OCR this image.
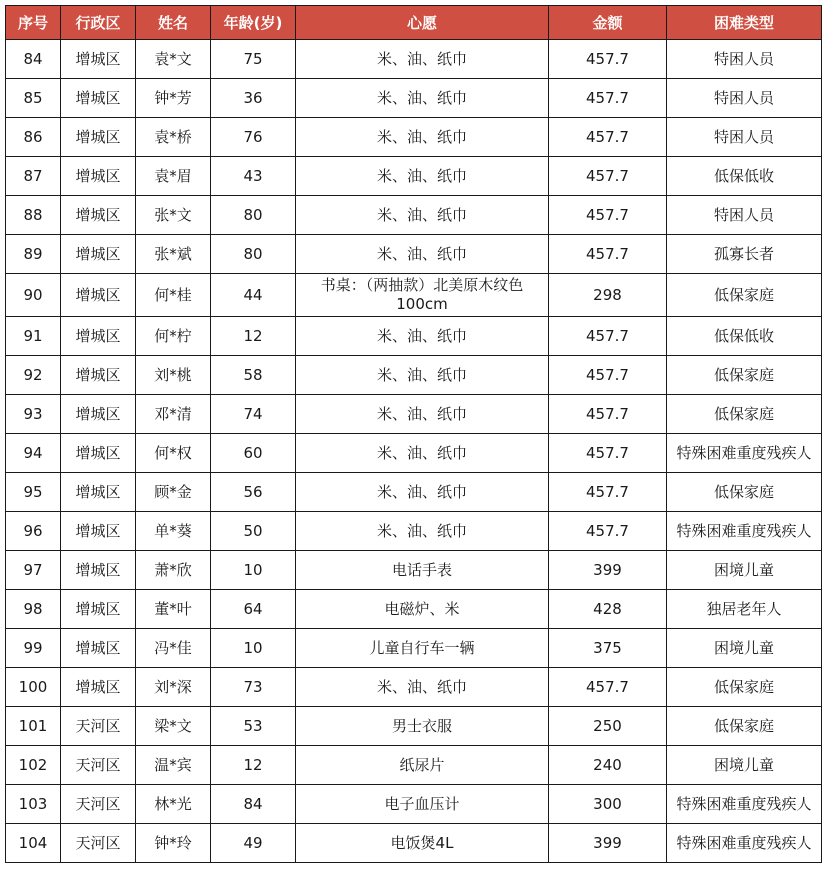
序号	行政区	姓名	年龄(岁)	心愿	金额	困难类型
84	增城区	袁*文	75	米、油、纸巾	457.7	特困人员
85	增城区	钟*芳	36	米、油、纸巾	457.7	特困人员
86	增城区	袁*桥	76	米、油、纸巾	457.7	特困人员
87	增城区	袁*眉	43	米、油、纸巾	457.7	低保低收
88	增城区	张*文	80	米、油、纸巾	457.7	特困人员
89	增城区	张*斌	80	米、油、纸巾	457.7	孤寡长者
90	增城区	何*桂	44	书桌：（两抽款）北美原木纹色 100cm	298	低保家庭
91	增城区	何*柠	12	米、油、纸巾	457.7	低保低收
92	增城区	刘*桃	58	米、油、纸巾	457.7	低保家庭
93	增城区	邓*清	74	米、油、纸巾	457.7	低保家庭
94	增城区	何*权	60	米、油、纸巾	457.7	特殊困难重度残疾人
95	增城区	顾*金	56	米、油、纸巾	457.7	低保家庭
96	增城区	单*葵	50	米、油、纸巾	457.7	特殊困难重度残疾人
97	增城区	萧*欣	10	电话手表	399	困境儿童
98	增城区	董*叶	64	电磁炉、米	428	独居老年人
99	增城区	冯*佳	10	儿童自行车一辆	375	困境儿童
100	增城区	刘*深	73	米、油、纸巾	457.7	低保家庭
101	天河区	梁*文	53	男士衣服	250	低保家庭
102	天河区	温*宾	12	纸尿片	240	困境儿童
103	天河区	林*光	84	电子血压计	300	特殊困难重度残疾人
104	天河区	钟*玲	49	电饭煲4L	399	特殊困难重度残疾人
